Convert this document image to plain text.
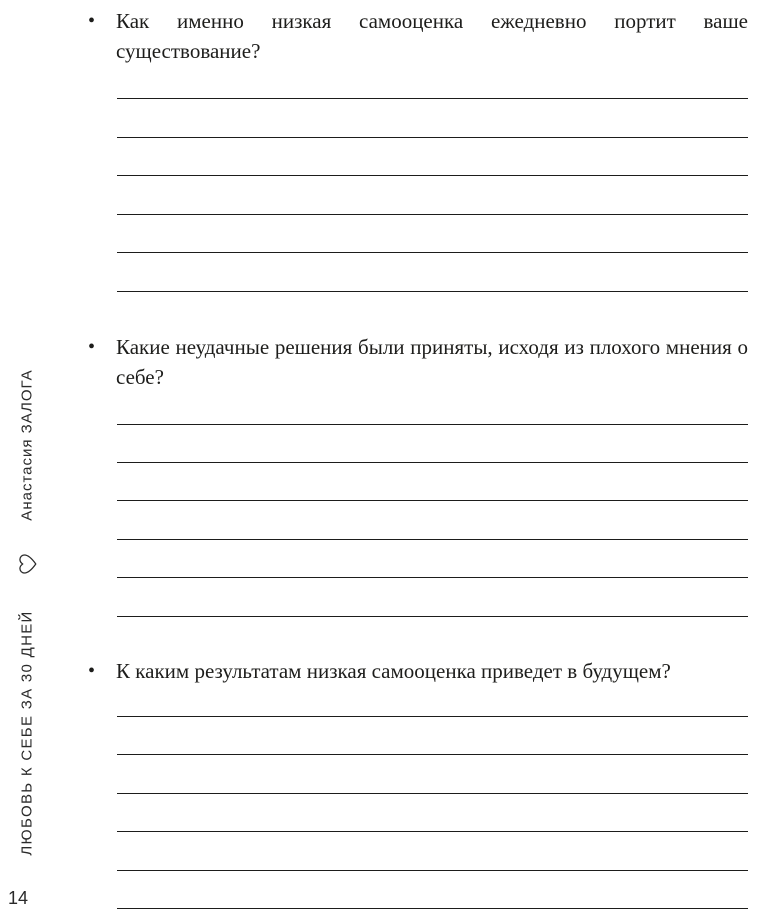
• Как именно низкая самооценка ежедневно портит ваше существование?
• Какие неудачные решения были приняты, исходя из плохого мнения о себе?
• К каким результатам низкая самооценка приведет в будущем?
Анастасия ЗАЛОГА
ЛЮБОВЬ К СЕБЕ ЗА 30 ДНЕЙ
14
